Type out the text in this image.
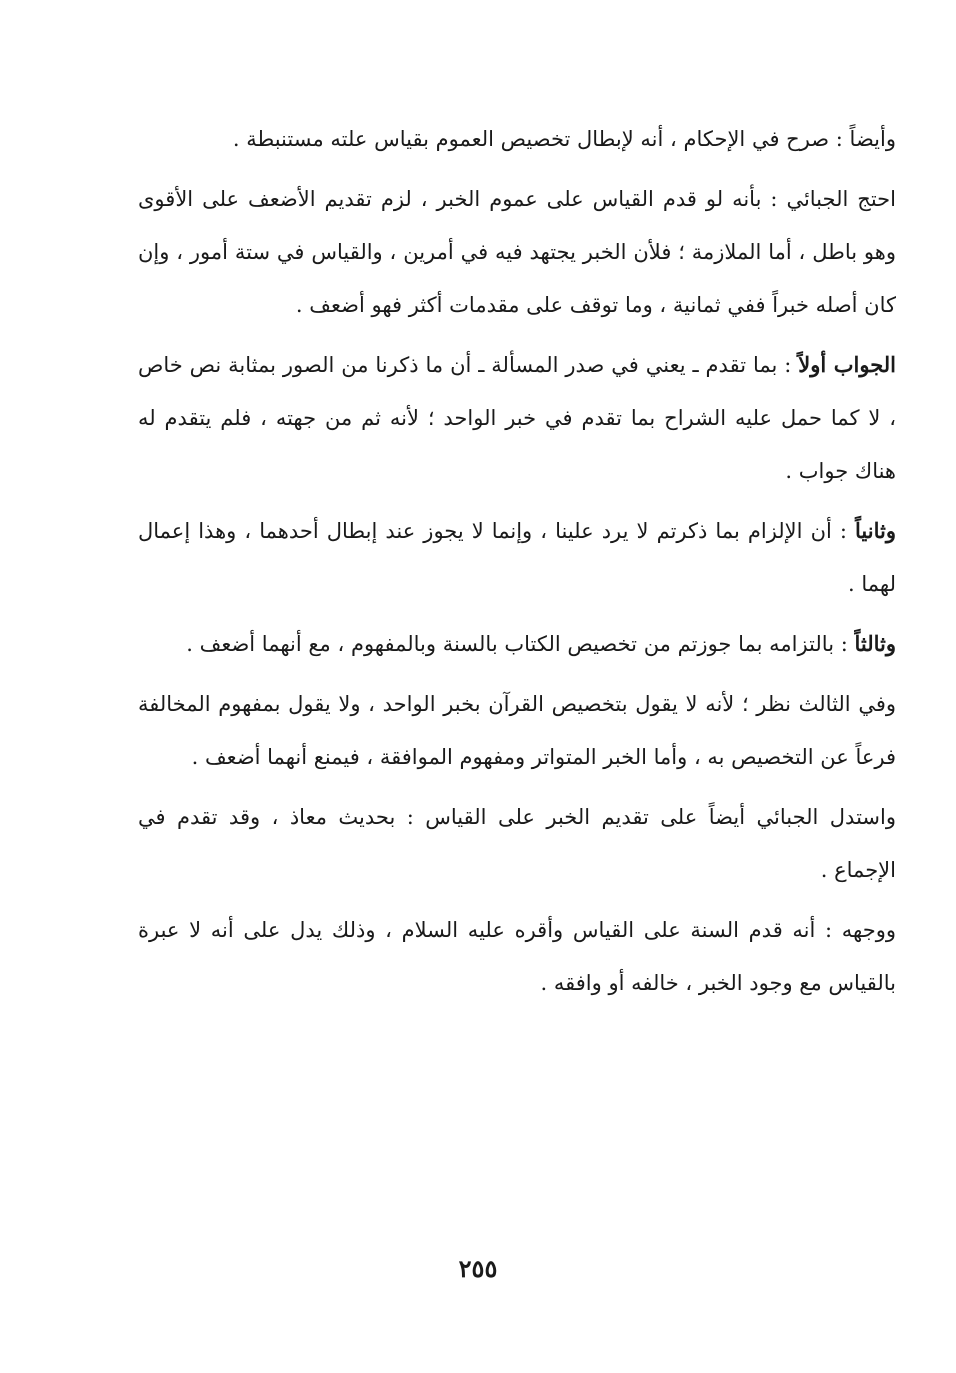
وأيضاً : صرح في الإحكام ، أنه لإبطال تخصيص العموم بقياس علته مستنبطة .

احتج الجبائي : بأنه لو قدم القياس على عموم الخبر ، لزم تقديم الأضعف على الأقوى وهو باطل ، أما الملازمة ؛ فلأن الخبر يجتهد فيه في أمرين ، والقياس في ستة أمور ، وإن كان أصله خبراً ففي ثمانية ، وما توقف على مقدمات أكثر فهو أضعف .

الجواب أولاً : بما تقدم ـ يعني في صدر المسألة ـ أن ما ذكرنا من الصور بمثابة نص خاص ، لا كما حمل عليه الشراح بما تقدم في خبر الواحد ؛ لأنه ثم من جهته ، فلم يتقدم له هناك جواب .

وثانياً : أن الإلزام بما ذكرتم لا يرد علينا ، وإنما لا يجوز عند إبطال أحدهما ، وهذا إعمال لهما .

وثالثاً : بالتزامه بما جوزتم من تخصيص الكتاب بالسنة وبالمفهوم ، مع أنهما أضعف .

وفي الثالث نظر ؛ لأنه لا يقول بتخصيص القرآن بخبر الواحد ، ولا يقول بمفهوم المخالفة فرعاً عن التخصيص به ، وأما الخبر المتواتر ومفهوم الموافقة ، فيمنع أنهما أضعف .

واستدل الجبائي أيضاً على تقديم الخبر على القياس : بحديث معاذ ، وقد تقدم في الإجماع .

ووجهه : أنه قدم السنة على القياس وأقره عليه السلام ، وذلك يدل على أنه لا عبرة بالقياس مع وجود الخبر ، خالفه أو وافقه .

٢٥٥
